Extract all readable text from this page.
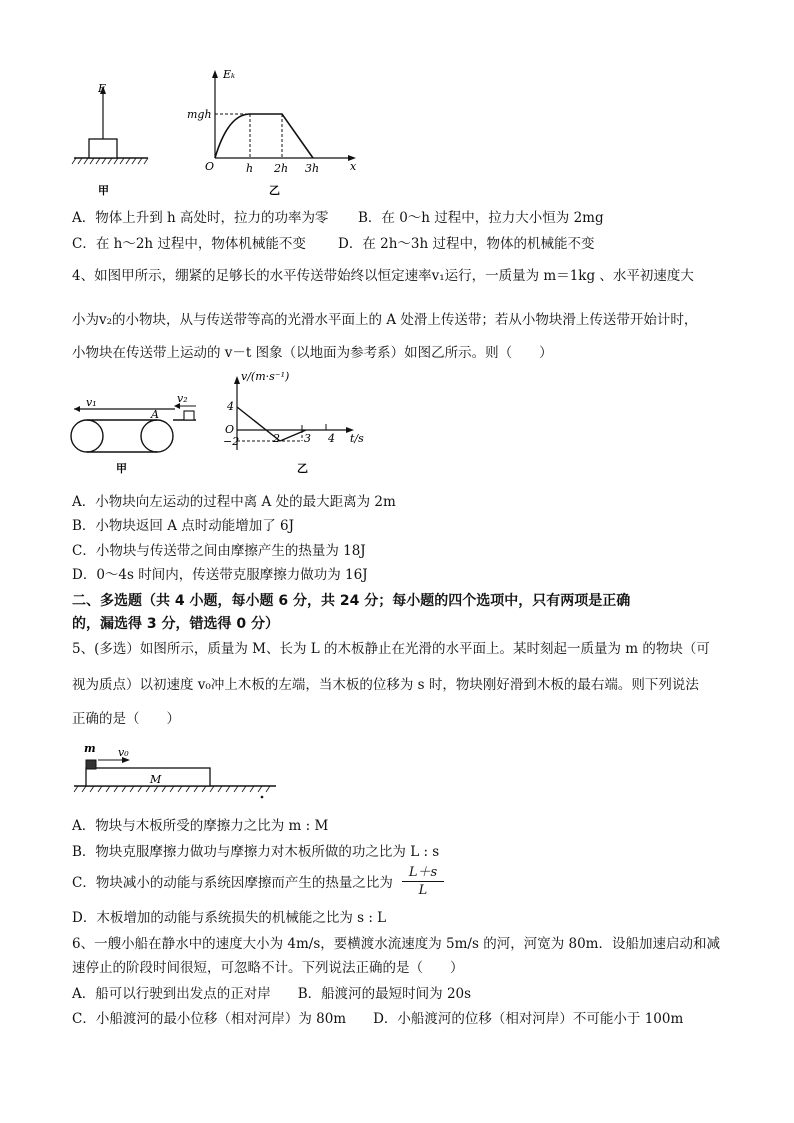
F
甲
Eₖ
x
O
mgh
h 2h 3h
乙
A．物体上升到 h 高处时，拉力的功率为零 B．在 0～h 过程中，拉力大小恒为 2mg
C．在 h～2h 过程中，物体机械能不变 D．在 2h～3h 过程中，物体的机械能不变
4、如图甲所示，绷紧的足够长的水平传送带始终以恒定速率v₁运行，一质量为 m＝1kg 、水平初速度大
小为v₂的小物块，从与传送带等高的光滑水平面上的 A 处滑上传送带；若从小物块滑上传送带开始计时，
小物块在传送带上运动的 v－t 图象（以地面为参考系）如图乙所示。则（　　）
v₁	v₂
A
甲
v/(m·s⁻¹)
t/s
O
4
−2	2 3 4
乙
A．小物块向左运动的过程中离 A 处的最大距离为 2m
B．小物块返回 A 点时动能增加了 6J
C．小物块与传送带之间由摩擦产生的热量为 18J
D．0～4s 时间内，传送带克服摩擦力做功为 16J
二、多选题（共 4 小题，每小题 6 分，共 24 分；每小题的四个选项中，只有两项是正确
的，漏选得 3 分，错选得 0 分）
5、(多选）如图所示，质量为 M、长为 L 的木板静止在光滑的水平面上。某时刻起一质量为 m 的物块（可
视为质点）以初速度 v₀冲上木板的左端，当木板的位移为 s 时，物块刚好滑到木板的最右端。则下列说法
正确的是（　　）
m v₀
M
A．物块与木板所受的摩擦力之比为 m : M
B．物块克服摩擦力做功与摩擦力对木板所做的功之比为 L : s
C．物块减小的动能与系统因摩擦而产生的热量之比为 $\frac{L+s}{L}$
D．木板增加的动能与系统损失的机械能之比为 s : L
6、一艘小船在静水中的速度大小为 4m/s，要横渡水流速度为 5m/s 的河，河宽为 80m．设船加速启动和减
速停止的阶段时间很短，可忽略不计。下列说法正确的是（　　）
A．船可以行驶到出发点的正对岸　　B．船渡河的最短时间为 20s
C．小船渡河的最小位移（相对河岸）为 80m　　D．小船渡河的位移（相对河岸）不可能小于 100m
